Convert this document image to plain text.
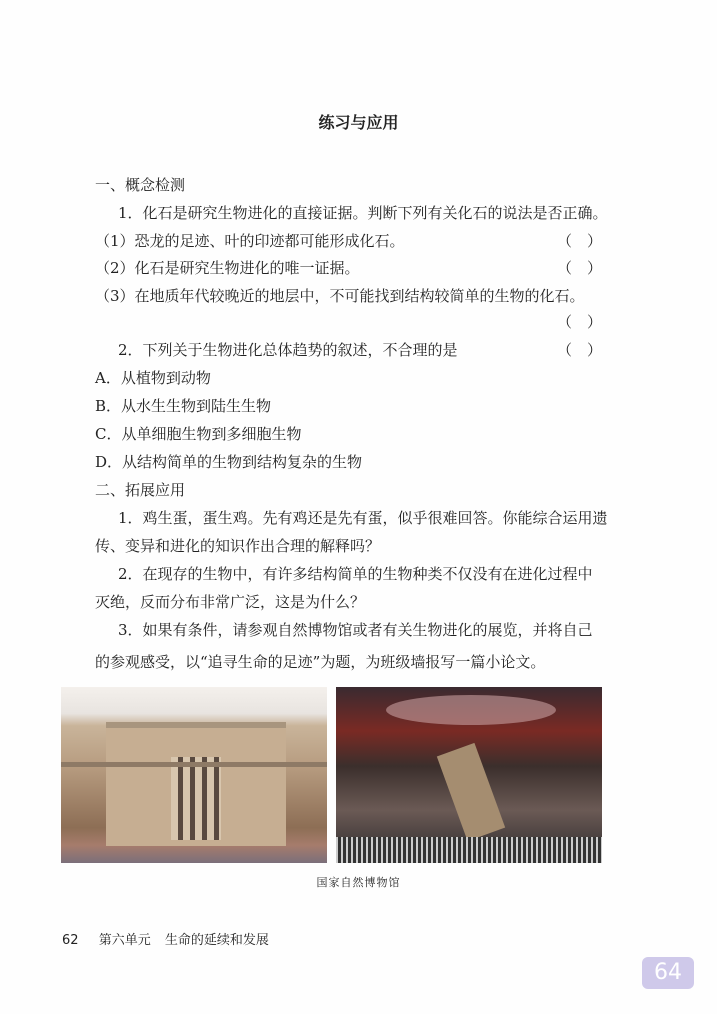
练习与应用
一、概念检测
1．化石是研究生物进化的直接证据。判断下列有关化石的说法是否正确。
（1）恐龙的足迹、叶的印迹都可能形成化石。	（　）
（2）化石是研究生物进化的唯一证据。	（　）
（3）在地质年代较晚近的地层中，不可能找到结构较简单的生物的化石。
（　）
2．下列关于生物进化总体趋势的叙述，不合理的是	（　）
A．从植物到动物
B．从水生生物到陆生生物
C．从单细胞生物到多细胞生物
D．从结构简单的生物到结构复杂的生物
二、拓展应用
1．鸡生蛋，蛋生鸡。先有鸡还是先有蛋，似乎很难回答。你能综合运用遗
传、变异和进化的知识作出合理的解释吗？
2．在现存的生物中，有许多结构简单的生物种类不仅没有在进化过程中
灭绝，反而分布非常广泛，这是为什么？
3．如果有条件，请参观自然博物馆或者有关生物进化的展览，并将自己
的参观感受，以“追寻生命的足迹”为题，为班级墙报写一篇小论文。
国家自然博物馆
62 第六单元 生命的延续和发展
64
